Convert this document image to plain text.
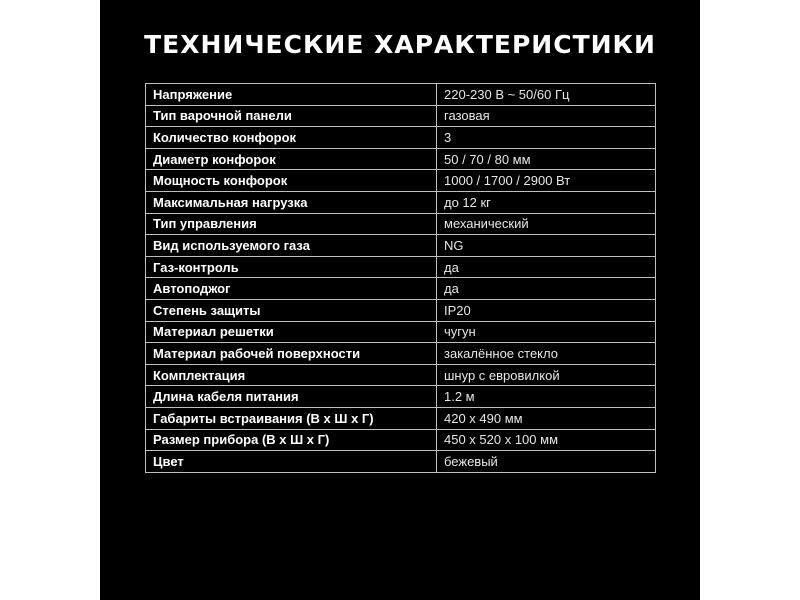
ТЕХНИЧЕСКИЕ ХАРАКТЕРИСТИКИ
Напряжение	220-230 В ~ 50/60 Гц
Тип варочной панели	газовая
Количество конфорок	3
Диаметр конфорок	50 / 70 / 80 мм
Мощность конфорок	1000 / 1700 / 2900 Вт
Максимальная нагрузка	до 12 кг
Тип управления	механический
Вид используемого газа	NG
Газ-контроль	да
Автоподжог	да
Степень защиты	IP20
Материал решетки	чугун
Материал рабочей поверхности	закалённое стекло
Комплектация	шнур с евровилкой
Длина кабеля питания	1.2 м
Габариты встраивания (В х Ш х Г)	420 х 490 мм
Размер прибора (В х Ш х Г)	450 х 520 х 100 мм
Цвет	бежевый
